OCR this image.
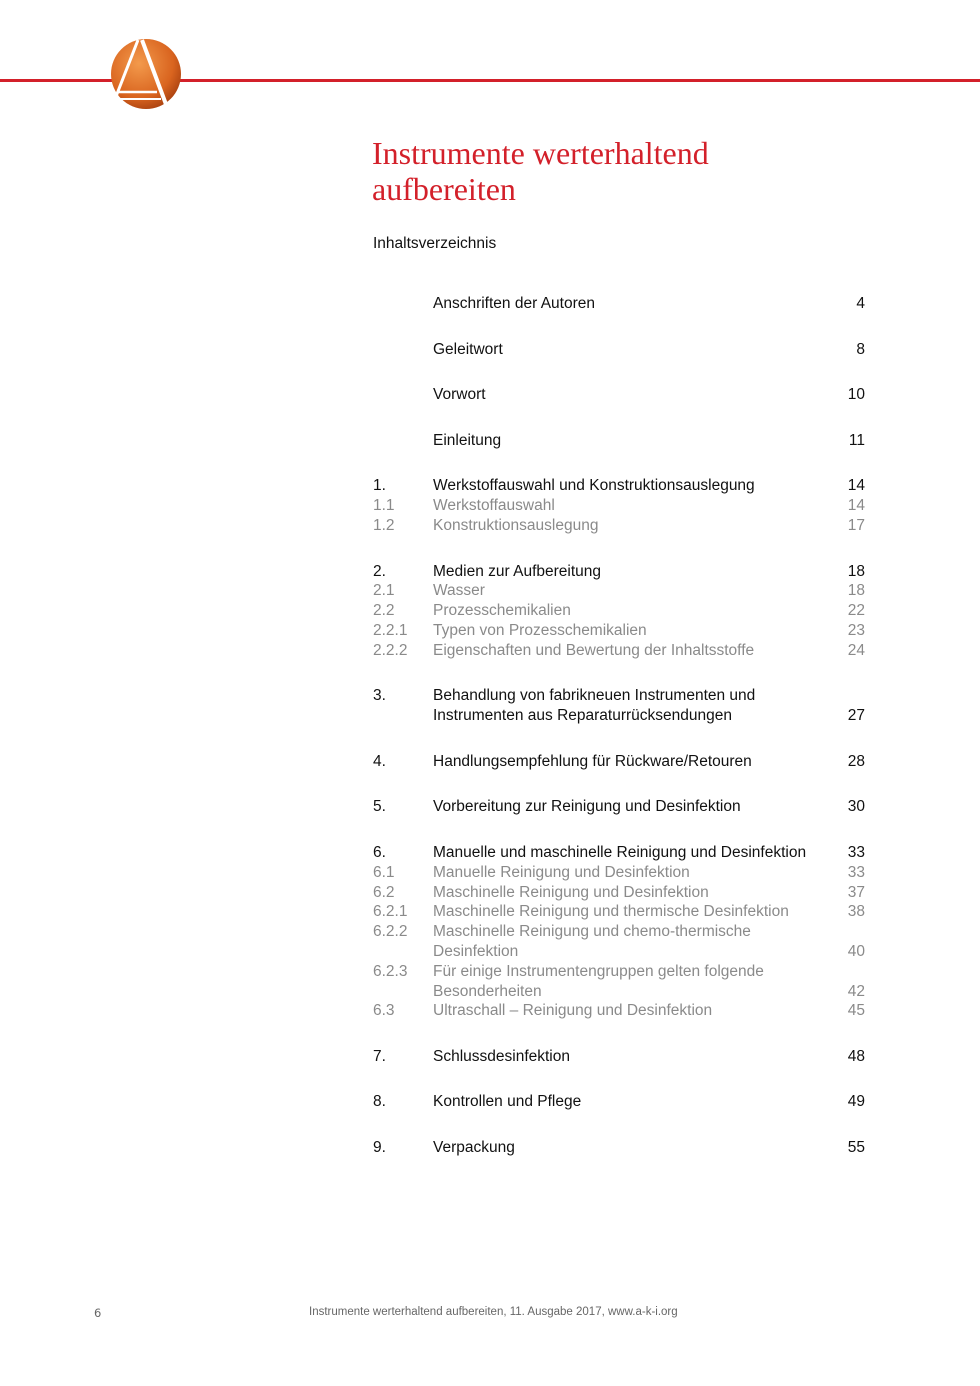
Instrumente werterhaltend
aufbereiten
Inhaltsverzeichnis
Anschriften der Autoren	4
Geleitwort	8
Vorwort	10
Einleitung	11
1.	Werkstoffauswahl und Konstruktionsauslegung	14
1.1	Werkstoffauswahl	14
1.2	Konstruktionsauslegung	17
2.	Medien zur Aufbereitung	18
2.1	Wasser	18
2.2	Prozesschemikalien	22
2.2.1	Typen von Prozesschemikalien	23
2.2.2	Eigenschaften und Bewertung der Inhaltsstoffe	24
3.	Behandlung von fabrikneuen Instrumenten und
Instrumenten aus Reparaturrücksendungen	27
4.	Handlungsempfehlung für Rückware/Retouren	28
5.	Vorbereitung zur Reinigung und Desinfektion	30
6.	Manuelle und maschinelle Reinigung und Desinfektion	33
6.1	Manuelle Reinigung und Desinfektion	33
6.2	Maschinelle Reinigung und Desinfektion	37
6.2.1	Maschinelle Reinigung und thermische Desinfektion	38
6.2.2	Maschinelle Reinigung und chemo-thermische
Desinfektion	40
6.2.3	Für einige Instrumentengruppen gelten folgende
Besonderheiten	42
6.3	Ultraschall – Reinigung und Desinfektion	45
7.	Schlussdesinfektion	48
8.	Kontrollen und Pflege	49
9.	Verpackung	55
6	Instrumente werterhaltend aufbereiten, 11. Ausgabe 2017, www.a-k-i.org
